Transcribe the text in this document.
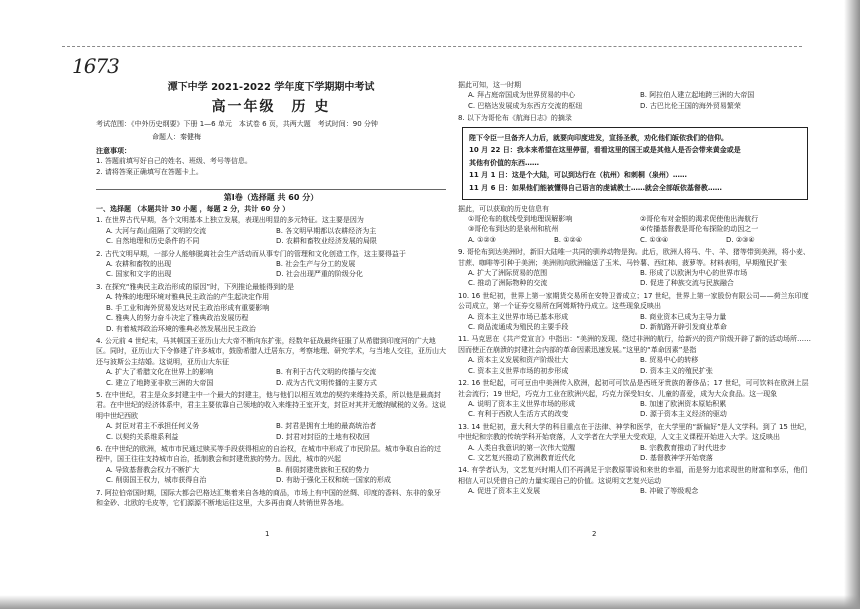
1673
潭下中学 2021-2022 学年度下学期期中考试
高一年级　历 史
考试范围：《中外历史纲要》下册 1—6 单元　本试卷 6 页，共两大题　考试时间：90 分钟
命题人：秦健梅
注意事项：
1. 答题前填写好自己的姓名、班级、考号等信息。
2. 请将答案正确填写在答题卡上。
第Ⅰ卷（选择题 共 60 分）
一、选择题 （本题共计 30 小题 ，每题 2 分，共计 60 分 ）
1. 在世界古代早期，各个文明基本上独立发展，表现出明显的多元特征。这主要是因为
A. 大河与高山阻隔了文明的交流	B. 各文明早期都以农耕经济为主
C. 自然地理和历史条件的不同	D. 农耕和畜牧业经济发展的局限
2. 古代文明早期，一部分人能够脱离社会生产活动而从事专门的管理和文化创造工作，这主要得益于
A. 农耕和畜牧的出现	B. 社会生产与分工的发展
C. 国家和文字的出现	D. 社会出现严重的阶级分化
3. 在探究“雅典民主政治形成的原因”时，下列推论最能得到的是
A. 特殊的地理环境对雅典民主政治的产生起决定作用
B. 手工业和海外贸易发达对民主政治形成有重要影响
C. 雅典人的努力奋斗决定了雅典政治发展历程
D. 有着城邦政治环境的雅典必然发展出民主政治
4. 公元前 4 世纪末，马其顿国王亚历山大大帝不断向东扩张，经数年征战最终征服了从希腊到印度河的广大地区。同时，亚历山大下令修建了许多城市，鼓励希腊人迁居东方，考察地理、研究学术，与当地人交往，亚历山大还与波斯公主结婚。这说明，亚历山大东征
A. 扩大了希腊文化在世界上的影响	B. 有利于古代文明的传播与交流
C. 建立了地跨亚非欧三洲的大帝国	D. 成为古代文明传播的主要方式
5. 在中世纪，君主是众多封建主中一个最大的封建主，他与他们以相互效忠的契约来维持关系，所以他是最高封君。在中世纪的经济体系中，君主主要依靠自己领地的收入来维持王室开支，封臣对其并无缴纳赋税的义务。这说明中世纪西欧
A. 封臣对君主不承担任何义务	B. 封君是拥有土地的最高统治者
C. 以契约关系维系利益	D. 封君对封臣的土地有权收回
6. 在中世纪的欧洲，城市市民通过赎买等手段获得相应的自治权，在城市中形成了市民阶层。城市争取自治的过程中，国王往往支持城市自治，抵制教会和封建贵族的势力。因此，城市的兴起
A. 导致基督教会权力不断扩大	B. 削弱封建贵族和王权的势力
C. 削弱国王权力，城市获得自治	D. 有助于强化王权和统一国家的形成
7. 阿拉伯帝国时期，国际大都会巴格达汇集着来自各地的商品，市场上有中国的丝绸、印度的香料、东非的象牙和金砂、北欧的毛皮等，它们源源不断地运往这里，大多再由商人转销世界各地。
1
据此可知，这一时期
A. 拜占庭帝国成为世界贸易的中心	B. 阿拉伯人建立起地跨三洲的大帝国
C. 巴格达发展成为东西方交流的枢纽	D. 古巴比伦王国的海外贸易繁荣
8. 以下为哥伦布《航海日志》的摘录
陛下令臣一旦备齐人力后，就要向印度进发，宣扬圣教，劝化他们皈依我们的信仰。
10 月 22 日：我本来希望在这里停留，看看这里的国王或是其他人是否会带来黄金或是
其他有价值的东西……
11 月 1 日：这是个大陆，可以到达行在（杭州）和刺桐（泉州）……
11 月 6 日：如果他们能被懂得自己语言的虔诚教士……就会全部皈依基督教……
据此，可以获取的历史信息有
①哥伦布的航线受到地理误解影响	②哥伦布对金银的渴求促使他出海航行
③哥伦布到达的是泉州和杭州	④传播基督教是哥伦布探险的动因之一
A. ①②③	B. ①②④	C. ①③④	D. ②③④
9. 哥伦布到达美洲时，新旧大陆唯一共同的驯养动物是狗。此后，欧洲人将马、牛、羊、猪等带到美洲，将小麦、甘蔗、咖啡等引种于美洲；美洲则向欧洲输送了玉米、马铃薯、西红柿、菠萝等。材料表明，早期殖民扩张
A. 扩大了洲际贸易的范围	B. 形成了以欧洲为中心的世界市场
C. 推动了洲际物种的交流	D. 促进了种族交流与民族融合
10. 16 世纪初，世界上第一家期货交易所在安特卫普成立；17 世纪，世界上第一家股份有限公司——荷兰东印度公司成立，第一个证券交易所在阿姆斯特丹成立。这些现象反映出
A. 资本主义世界市场已基本形成	B. 商业资本已成为主导力量
C. 商品流通成为殖民的主要手段	D. 新航路开辟引发商业革命
11. 马克思在《共产党宣言》中指出：“美洲的发现、绕过非洲的航行，给新兴的资产阶级开辟了新的活动场所……因而使正在崩溃的封建社会内部的革命因素迅速发展。”这里的“革命因素”是指
A. 资本主义发展和资产阶级壮大	B. 贸易中心的转移
C. 资本主义世界市场的初步形成	D. 资本主义的殖民扩张
12. 16 世纪起，可可豆由中美洲传入欧洲，起初可可饮品是西班牙贵族的奢侈品；17 世纪，可可饮料在欧洲上层社会流行；19 世纪，巧克力工业在欧洲兴起，巧克力深受妇女、儿童的喜爱，成为大众食品。这一现象
A. 说明了资本主义世界市场的形成	B. 加速了欧洲资本原始积累
C. 有利于西欧人生活方式的改变	D. 源于资本主义经济的驱动
13. 14 世纪初，意大利大学的科目重点在于法律、神学和医学，在大学里的“新偏好”是人文学科。到了 15 世纪，中世纪和宗教的传统学科开始衰落，人文学者在大学里大受欢迎，人文主义课程开始进入大学。这反映出
A. 人类自我意识的第一次伟大觉醒	B. 宗教教育推动了时代进步
C. 文艺复兴推动了欧洲教育近代化	D. 基督教神学开始衰落
14. 有学者认为，文艺复兴时期人们不再满足于宗教原罪说和来世的幸福，而是努力追求现世的财富和享乐，他们相信人可以凭借自己的力量实现自己的价值。这说明文艺复兴运动
A. 促进了资本主义发展	B. 冲破了等级观念
2
